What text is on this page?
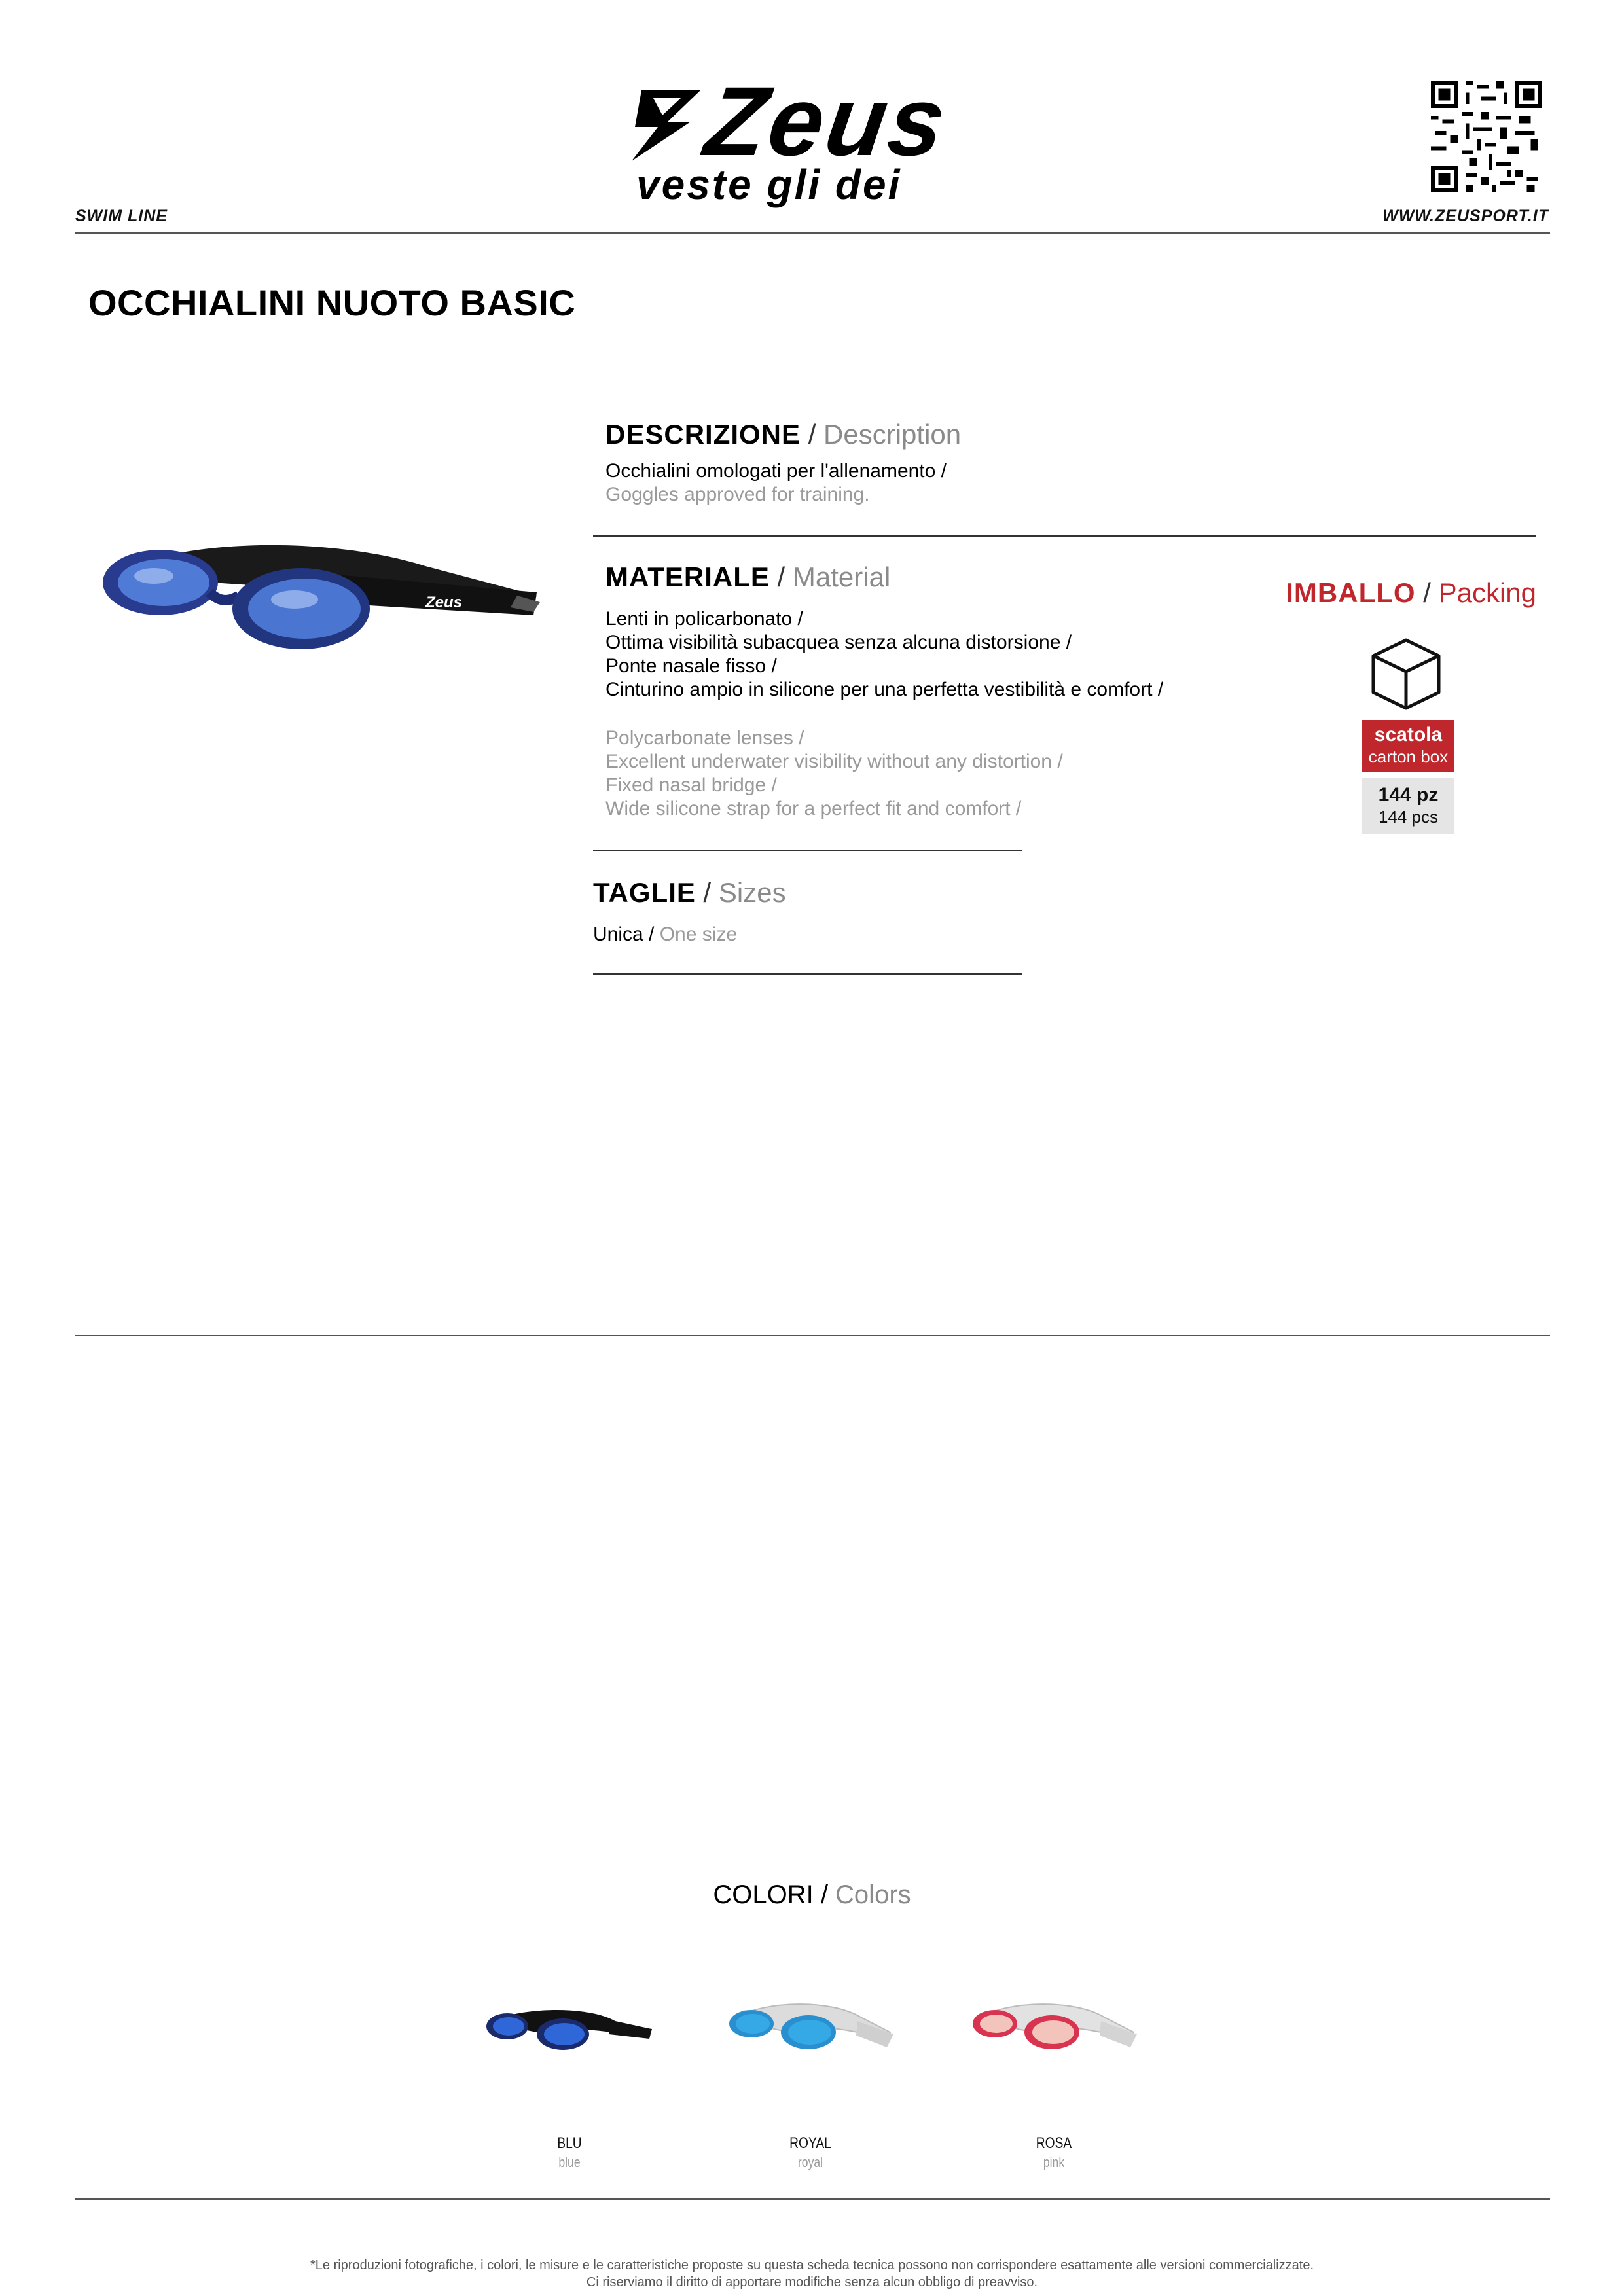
Zeus
veste gli dei
SWIM LINE	WWW.ZEUSPORT.IT
OCCHIALINI NUOTO BASIC
Zeus
DESCRIZIONE / Description
Occhialini omologati per l'allenamento /
Goggles approved for training.
MATERIALE / Material
Lenti in policarbonato /
Ottima visibilità subacquea senza alcuna distorsione /
Ponte nasale fisso /
Cinturino ampio in silicone per una perfetta vestibilità e comfort /
Polycarbonate lenses /
Excellent underwater visibility without any distortion /
Fixed nasal bridge /
Wide silicone strap for a perfect fit and comfort /
IMBALLO / Packing
scatola
carton box
144 pz
144 pcs
TAGLIE / Sizes
Unica / One size
COLORI / Colors
BLU
blue
ROYAL
royal
ROSA
pink
*Le riproduzioni fotografiche, i colori, le misure e le caratteristiche proposte su questa scheda tecnica possono non corrispondere esattamente alle versioni commercializzate.
Ci riserviamo il diritto di apportare modifiche senza alcun obbligo di preavviso.
